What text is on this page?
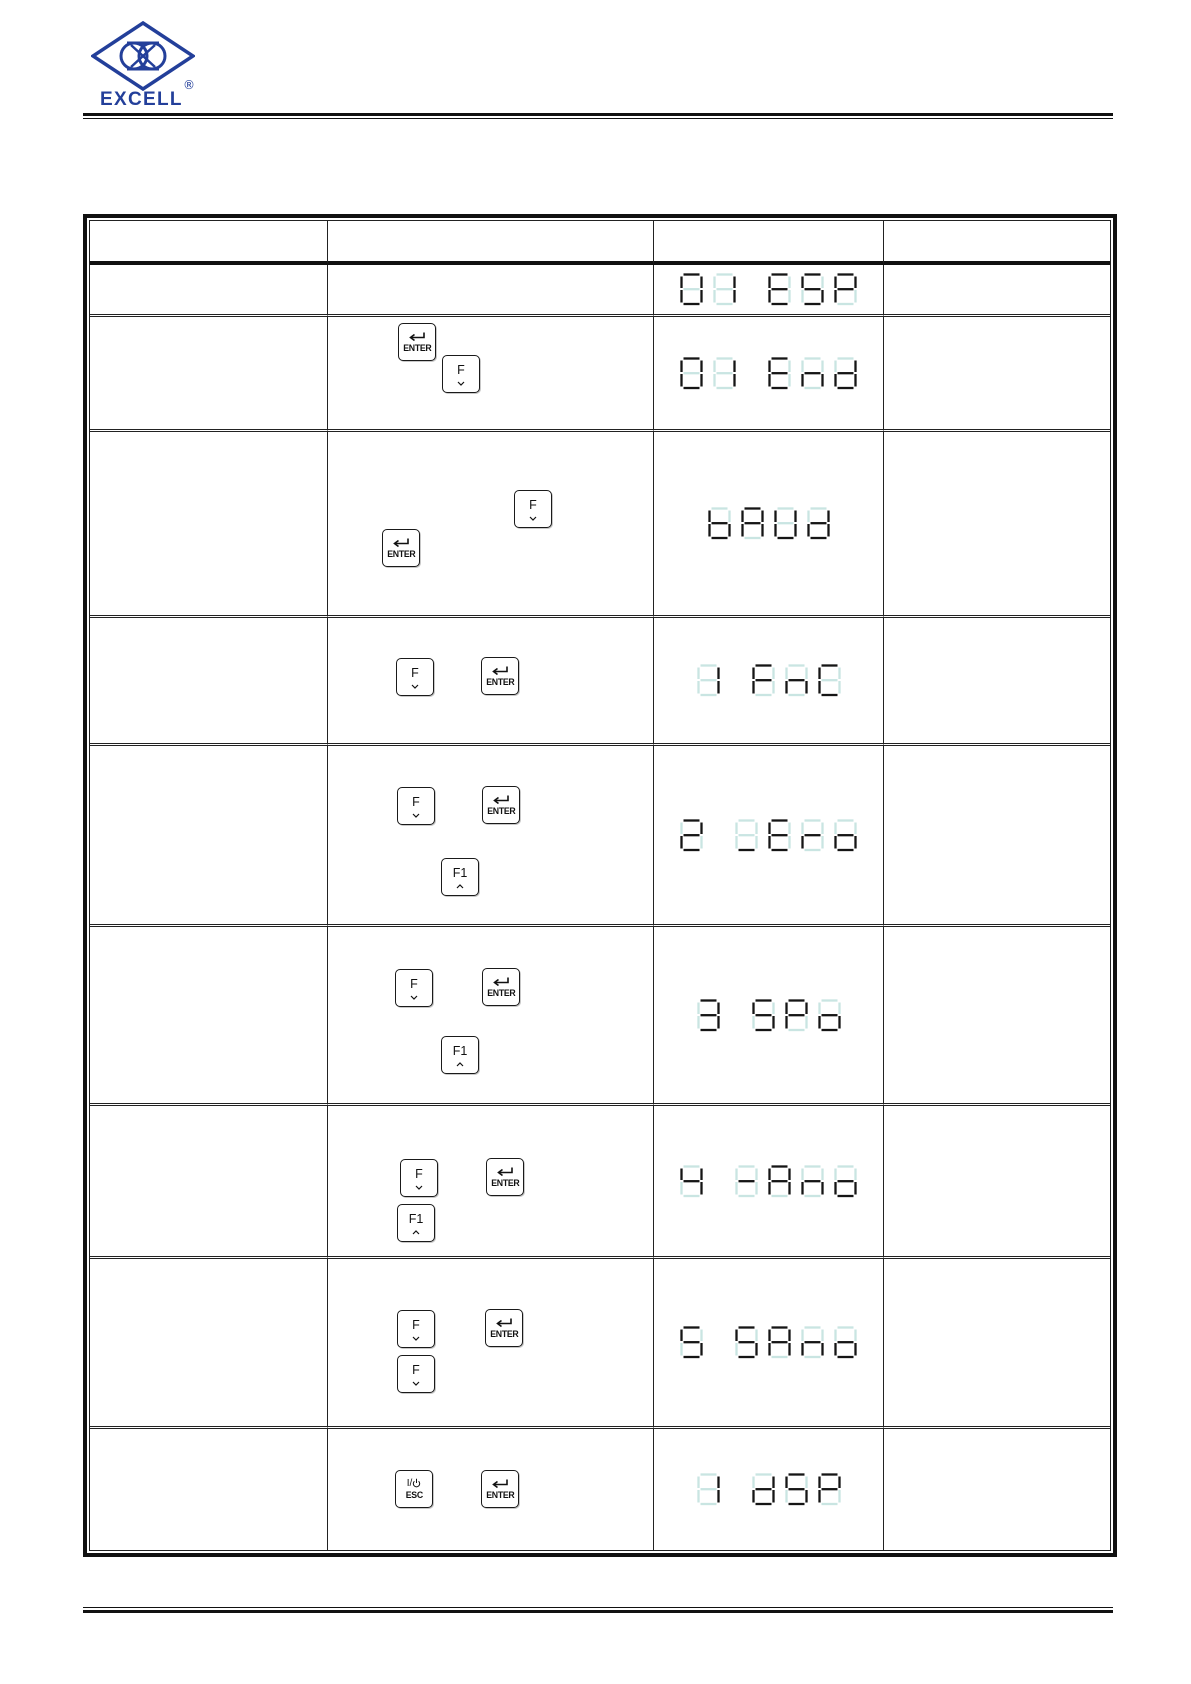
EXCELL
®
ENTER
F
F
ENTER
F
ENTER
F
ENTER
F1
F
ENTER
F1
F
ENTER
F1
F
ENTER
F
I/
ESC	ENTER
